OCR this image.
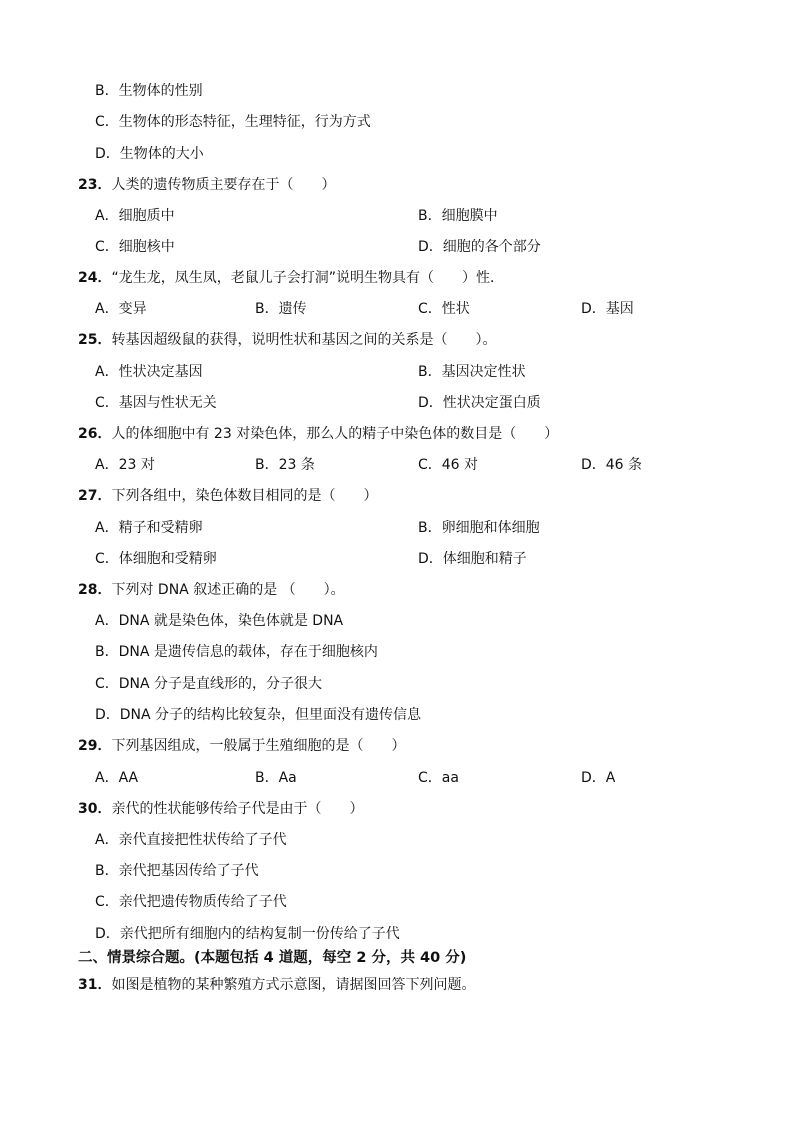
B．生物体的性别
C．生物体的形态特征，生理特征，行为方式
D．生物体的大小
23．人类的遗传物质主要存在于（　　）
A．细胞质中	B．细胞膜中
C．细胞核中	D．细胞的各个部分
24．“龙生龙，凤生凤，老鼠儿子会打洞”说明生物具有（　　）性．
A．变异	B．遗传	C．性状	D．基因
25．转基因超级鼠的获得，说明性状和基因之间的关系是（　　）。
A．性状决定基因	B．基因决定性状
C．基因与性状无关	D．性状决定蛋白质
26．人的体细胞中有 23 对染色体，那么人的精子中染色体的数目是（　　）
A．23 对	B．23 条	C．46 对	D．46 条
27．下列各组中，染色体数目相同的是（　　）
A．精子和受精卵	B．卵细胞和体细胞
C．体细胞和受精卵	D．体细胞和精子
28．下列对 DNA 叙述正确的是 （　　）。
A．DNA 就是染色体，染色体就是 DNA
B．DNA 是遗传信息的载体，存在于细胞核内
C．DNA 分子是直线形的，分子很大
D．DNA 分子的结构比较复杂，但里面没有遗传信息
29．下列基因组成，一般属于生殖细胞的是（　　）
A．AA	B．Aa	C．aa	D．A
30．亲代的性状能够传给子代是由于（　　）
A．亲代直接把性状传给了子代
B．亲代把基因传给了子代
C．亲代把遗传物质传给了子代
D．亲代把所有细胞内的结构复制一份传给了子代
二、情景综合题。(本题包括 4 道题，每空 2 分，共 40 分)
31．如图是植物的某种繁殖方式示意图，请据图回答下列问题。
